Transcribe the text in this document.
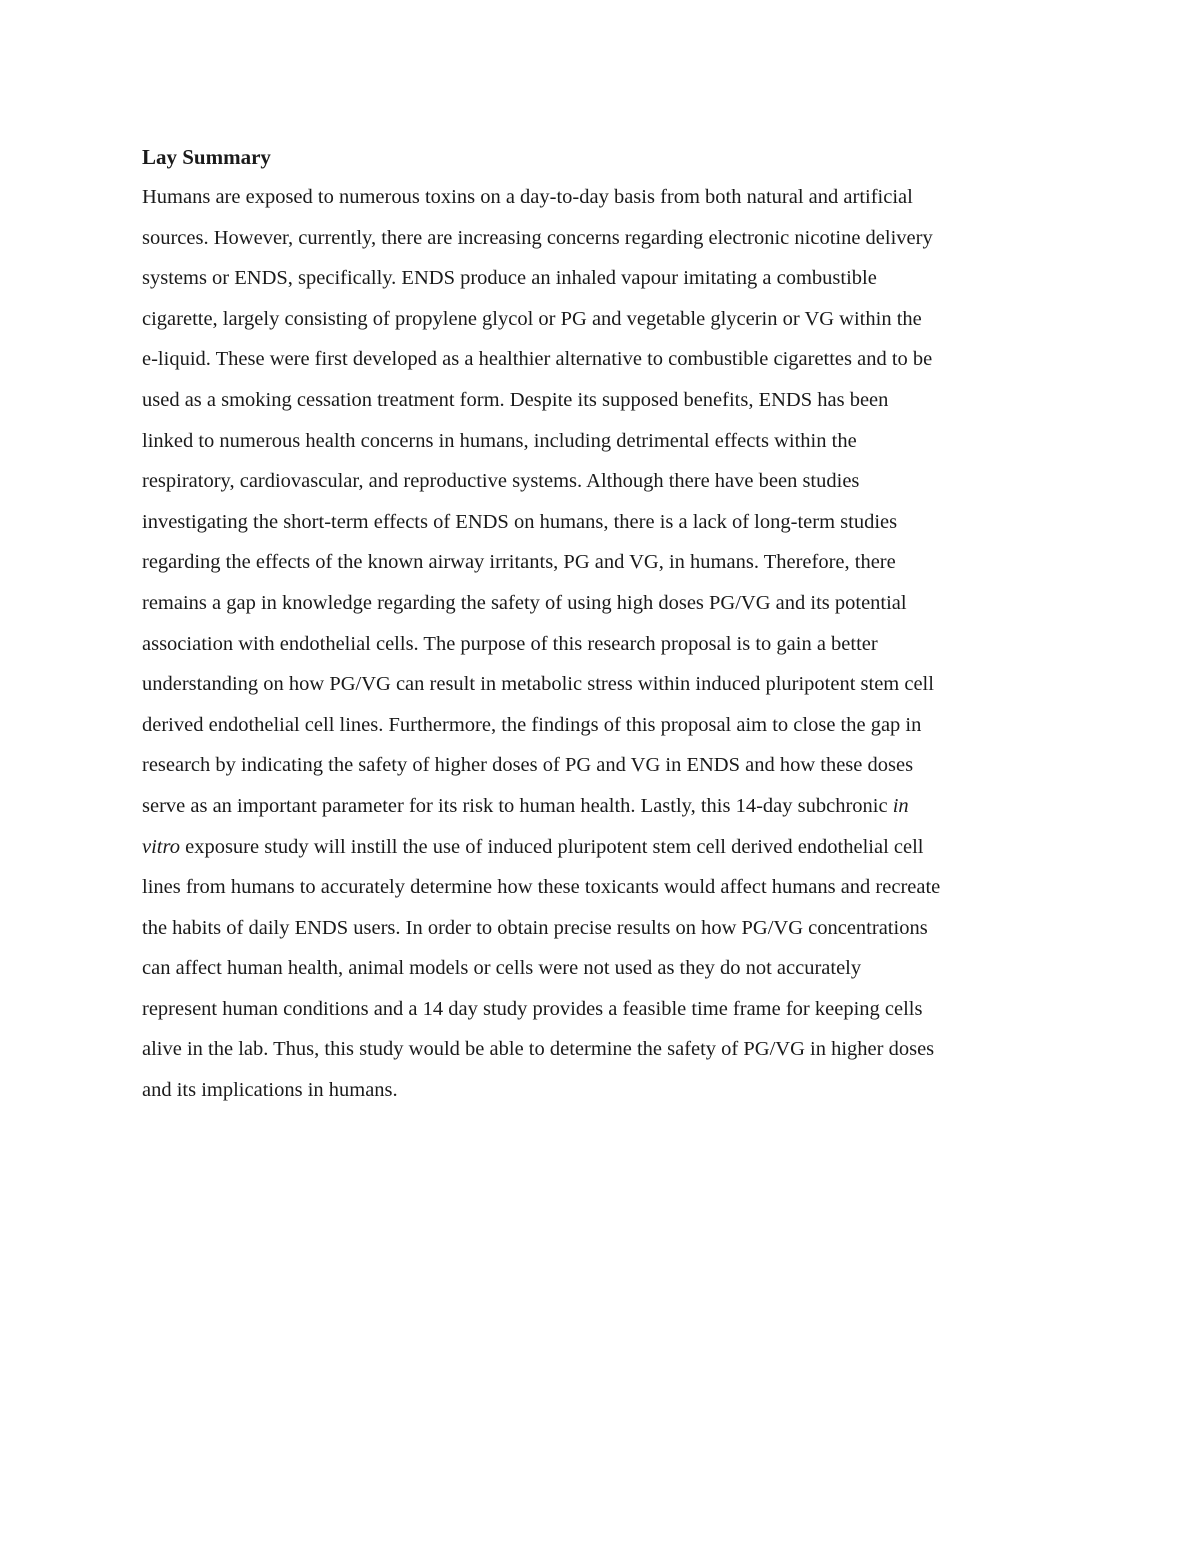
Lay Summary
Humans are exposed to numerous toxins on a day-to-day basis from both natural and artificial
sources. However, currently, there are increasing concerns regarding electronic nicotine delivery
systems or ENDS, specifically. ENDS produce an inhaled vapour imitating a combustible
cigarette, largely consisting of propylene glycol or PG and vegetable glycerin or VG within the
e-liquid. These were first developed as a healthier alternative to combustible cigarettes and to be
used as a smoking cessation treatment form. Despite its supposed benefits, ENDS has been
linked to numerous health concerns in humans, including detrimental effects within the
respiratory, cardiovascular, and reproductive systems. Although there have been studies
investigating the short-term effects of ENDS on humans, there is a lack of long-term studies
regarding the effects of the known airway irritants, PG and VG, in humans. Therefore, there
remains a gap in knowledge regarding the safety of using high doses PG/VG and its potential
association with endothelial cells. The purpose of this research proposal is to gain a better
understanding on how PG/VG can result in metabolic stress within induced pluripotent stem cell
derived endothelial cell lines. Furthermore, the findings of this proposal aim to close the gap in
research by indicating the safety of higher doses of PG and VG in ENDS and how these doses
serve as an important parameter for its risk to human health. Lastly, this 14-day subchronic in
vitro exposure study will instill the use of induced pluripotent stem cell derived endothelial cell
lines from humans to accurately determine how these toxicants would affect humans and recreate
the habits of daily ENDS users. In order to obtain precise results on how PG/VG concentrations
can affect human health, animal models or cells were not used as they do not accurately
represent human conditions and a 14 day study provides a feasible time frame for keeping cells
alive in the lab. Thus, this study would be able to determine the safety of PG/VG in higher doses
and its implications in humans.
